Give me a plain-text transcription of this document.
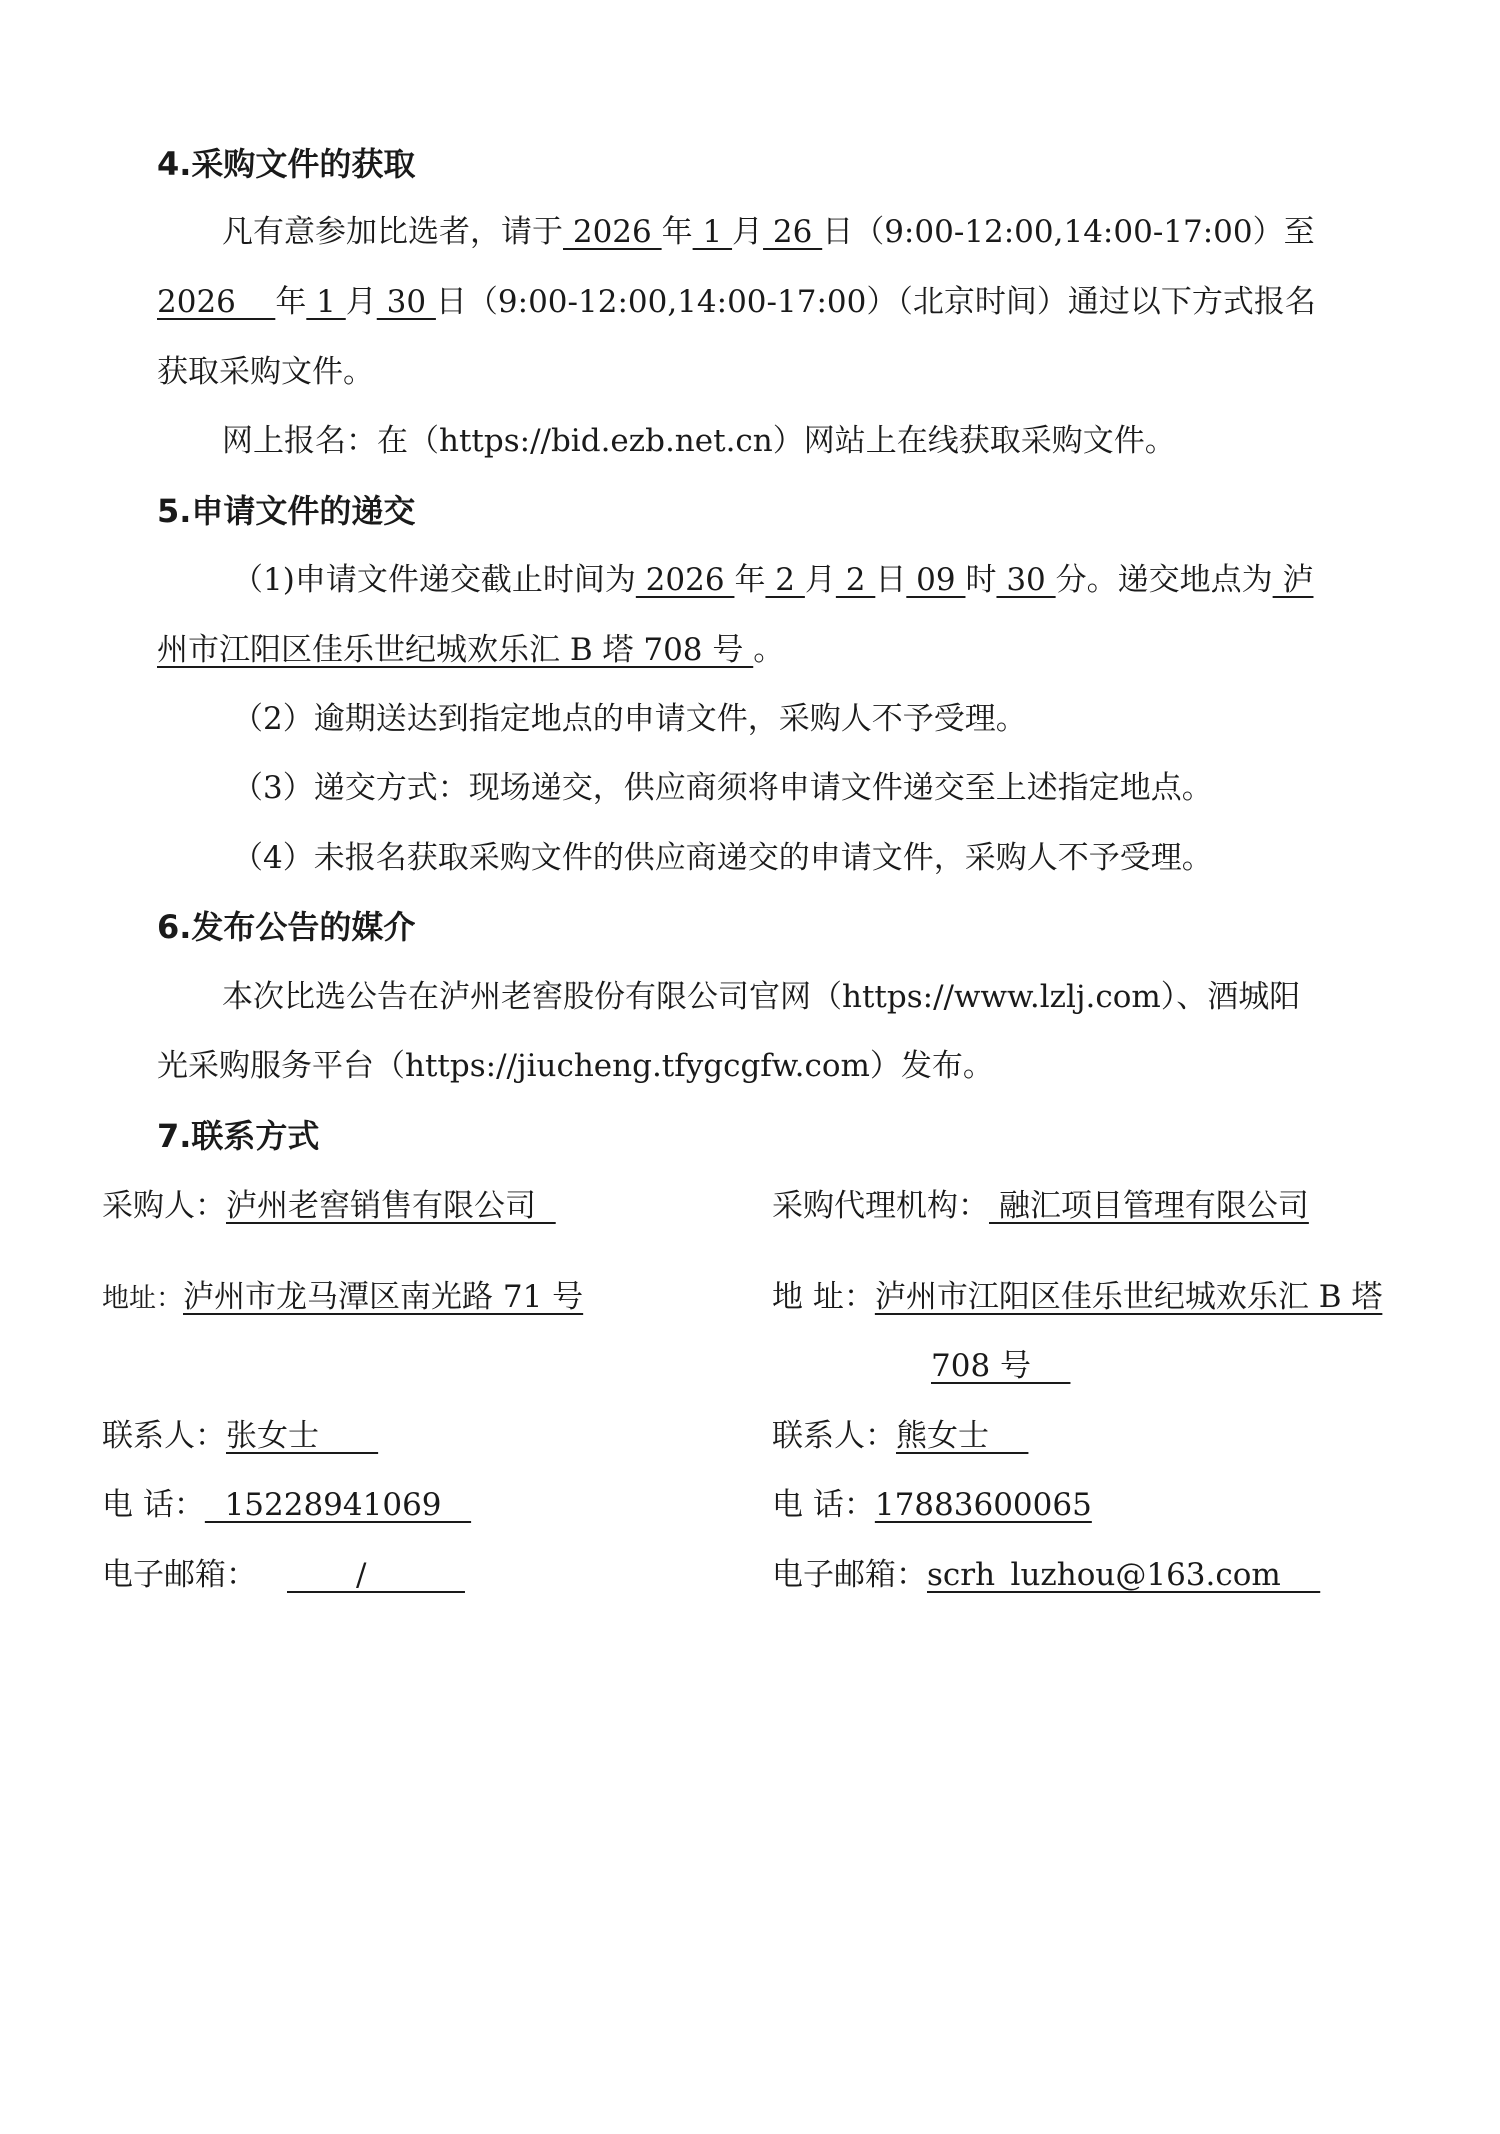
4.采购文件的获取
凡有意参加比选者，请于 2026 年 1 月 26 日（9:00-12:00,14:00-17:00）至
2026    年 1 月 30 日（9:00-12:00,14:00-17:00）（北京时间）通过以下方式报名
获取采购文件。
网上报名：在（https://bid.ezb.net.cn）网站上在线获取采购文件。
5.申请文件的递交
（1)申请文件递交截止时间为 2026 年 2 月 2 日 09 时 30 分。递交地点为 泸
州市江阳区佳乐世纪城欢乐汇 B 塔 708 号 。
（2）逾期送达到指定地点的申请文件，采购人不予受理。
（3）递交方式：现场递交，供应商须将申请文件递交至上述指定地点。
（4）未报名获取采购文件的供应商递交的申请文件，采购人不予受理。
6.发布公告的媒介
本次比选公告在泸州老窖股份有限公司官网（https://www.lzlj.com）、酒城阳
光采购服务平台（https://jiucheng.tfygcgfw.com）发布。
7.联系方式
采购人：泸州老窖销售有限公司	采购代理机构： 融汇项目管理有限公司
地址：泸州市龙马潭区南光路 71 号	地 址：泸州市江阳区佳乐世纪城欢乐汇 B 塔
708 号
联系人：张女士	联系人：熊女士
电 话：  15228941069	电 话：17883600065
电子邮箱：       /	电子邮箱：scrh_luzhou@163.com
